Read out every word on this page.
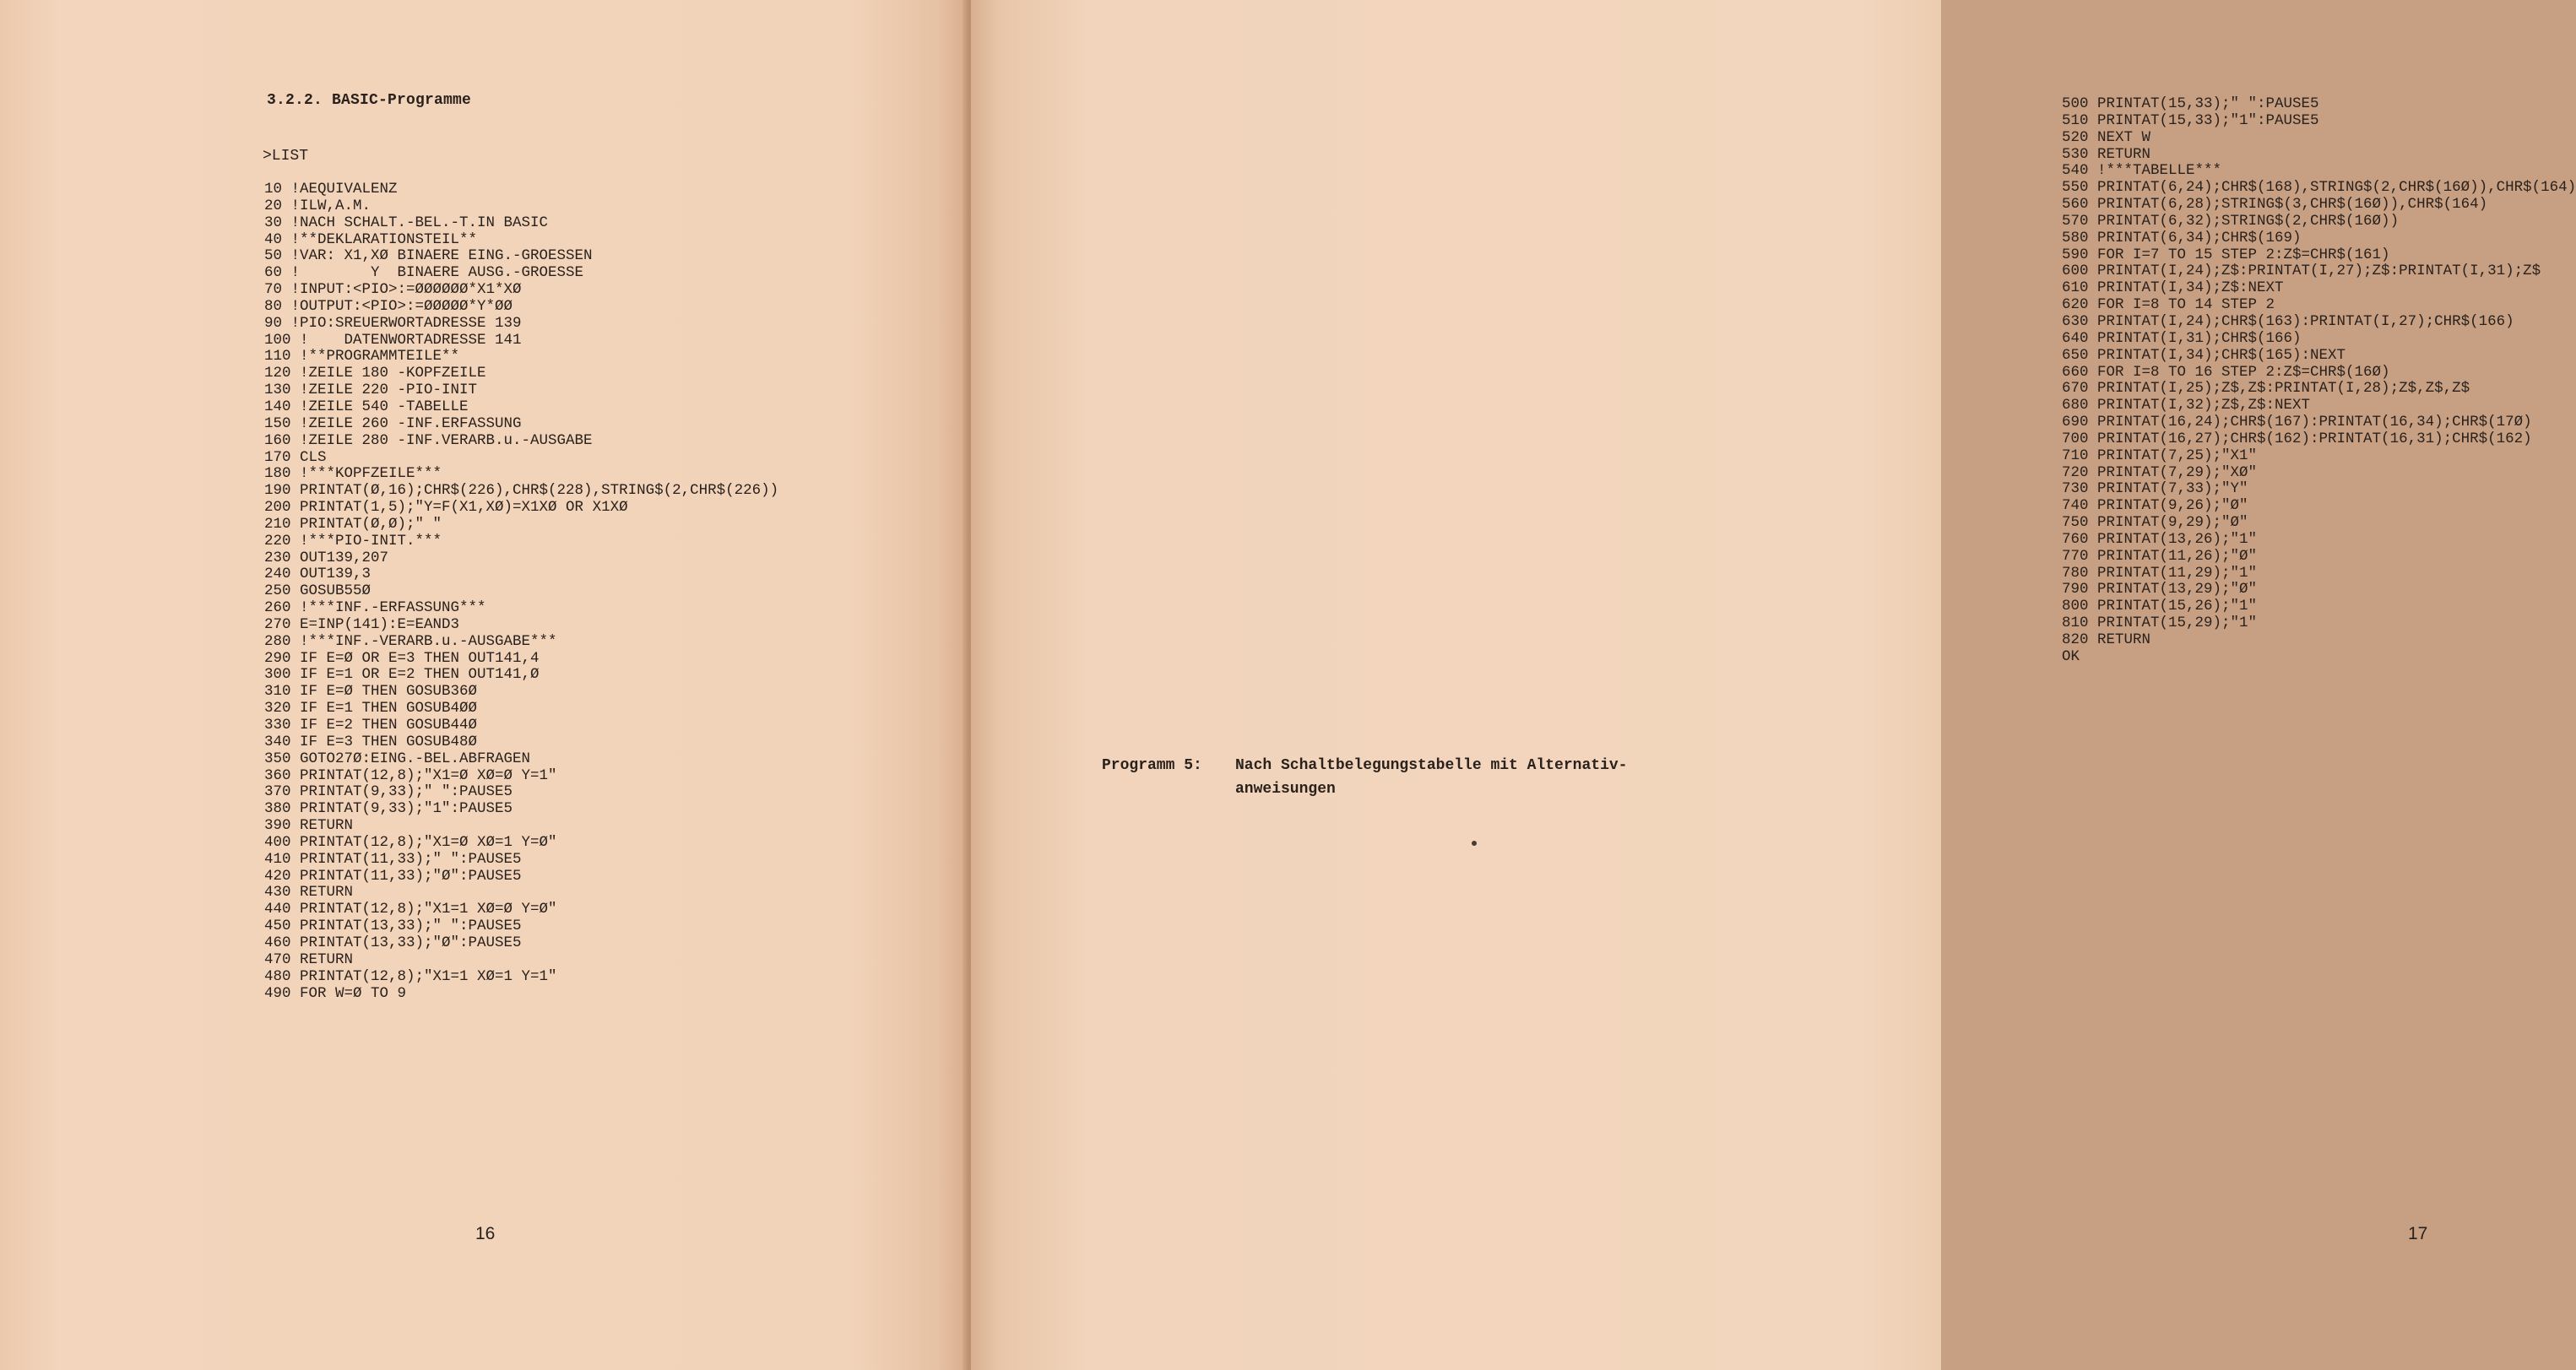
3.2.2. BASIC-Programme
>LIST
10 !AEQUIVALENZ
20 !ILW,A.M.
30 !NACH SCHALT.-BEL.-T.IN BASIC
40 !**DEKLARATIONSTEIL**
50 !VAR: X1,XØ BINAERE EING.-GROESSEN
60 !        Y  BINAERE AUSG.-GROESSE
70 !INPUT:<PIO>:=ØØØØØØ*X1*XØ
80 !OUTPUT:<PIO>:=ØØØØØ*Y*ØØ
90 !PIO:SREUERWORTADRESSE 139
100 !    DATENWORTADRESSE 141
110 !**PROGRAMMTEILE**
120 !ZEILE 180 -KOPFZEILE
130 !ZEILE 220 -PIO-INIT
140 !ZEILE 540 -TABELLE
150 !ZEILE 260 -INF.ERFASSUNG
160 !ZEILE 280 -INF.VERARB.u.-AUSGABE
170 CLS
180 !***KOPFZEILE***
190 PRINTAT(Ø,16);CHR$(226),CHR$(228),STRING$(2,CHR$(226))
200 PRINTAT(1,5);"Y=F(X1,XØ)=X1XØ OR X1XØ
210 PRINTAT(Ø,Ø);" "
220 !***PIO-INIT.***
230 OUT139,207
240 OUT139,3
250 GOSUB55Ø
260 !***INF.-ERFASSUNG***
270 E=INP(141):E=EAND3
280 !***INF.-VERARB.u.-AUSGABE***
290 IF E=Ø OR E=3 THEN OUT141,4
300 IF E=1 OR E=2 THEN OUT141,Ø
310 IF E=Ø THEN GOSUB36Ø
320 IF E=1 THEN GOSUB4ØØ
330 IF E=2 THEN GOSUB44Ø
340 IF E=3 THEN GOSUB48Ø
350 GOTO27Ø:EING.-BEL.ABFRAGEN
360 PRINTAT(12,8);"X1=Ø XØ=Ø Y=1"
370 PRINTAT(9,33);" ":PAUSE5
380 PRINTAT(9,33);"1":PAUSE5
390 RETURN
400 PRINTAT(12,8);"X1=Ø XØ=1 Y=Ø"
410 PRINTAT(11,33);" ":PAUSE5
420 PRINTAT(11,33);"Ø":PAUSE5
430 RETURN
440 PRINTAT(12,8);"X1=1 XØ=Ø Y=Ø"
450 PRINTAT(13,33);" ":PAUSE5
460 PRINTAT(13,33);"Ø":PAUSE5
470 RETURN
480 PRINTAT(12,8);"X1=1 XØ=1 Y=1"
490 FOR W=Ø TO 9
16
500 PRINTAT(15,33);" ":PAUSE5
510 PRINTAT(15,33);"1":PAUSE5
520 NEXT W
530 RETURN
540 !***TABELLE***
550 PRINTAT(6,24);CHR$(168),STRING$(2,CHR$(16Ø)),CHR$(164)
560 PRINTAT(6,28);STRING$(3,CHR$(16Ø)),CHR$(164)
570 PRINTAT(6,32);STRING$(2,CHR$(16Ø))
580 PRINTAT(6,34);CHR$(169)
590 FOR I=7 TO 15 STEP 2:Z$=CHR$(161)
600 PRINTAT(I,24);Z$:PRINTAT(I,27);Z$:PRINTAT(I,31);Z$
610 PRINTAT(I,34);Z$:NEXT
620 FOR I=8 TO 14 STEP 2
630 PRINTAT(I,24);CHR$(163):PRINTAT(I,27);CHR$(166)
640 PRINTAT(I,31);CHR$(166)
650 PRINTAT(I,34);CHR$(165):NEXT
660 FOR I=8 TO 16 STEP 2:Z$=CHR$(16Ø)
670 PRINTAT(I,25);Z$,Z$:PRINTAT(I,28);Z$,Z$,Z$
680 PRINTAT(I,32);Z$,Z$:NEXT
690 PRINTAT(16,24);CHR$(167):PRINTAT(16,34);CHR$(17Ø)
700 PRINTAT(16,27);CHR$(162):PRINTAT(16,31);CHR$(162)
710 PRINTAT(7,25);"X1"
720 PRINTAT(7,29);"XØ"
730 PRINTAT(7,33);"Y"
740 PRINTAT(9,26);"Ø"
750 PRINTAT(9,29);"Ø"
760 PRINTAT(13,26);"1"
770 PRINTAT(11,26);"Ø"
780 PRINTAT(11,29);"1"
790 PRINTAT(13,29);"Ø"
800 PRINTAT(15,26);"1"
810 PRINTAT(15,29);"1"
820 RETURN
OK
17
Programm 5: Nach Schaltbelegungstabelle mit Alternativ-
anweisungen
